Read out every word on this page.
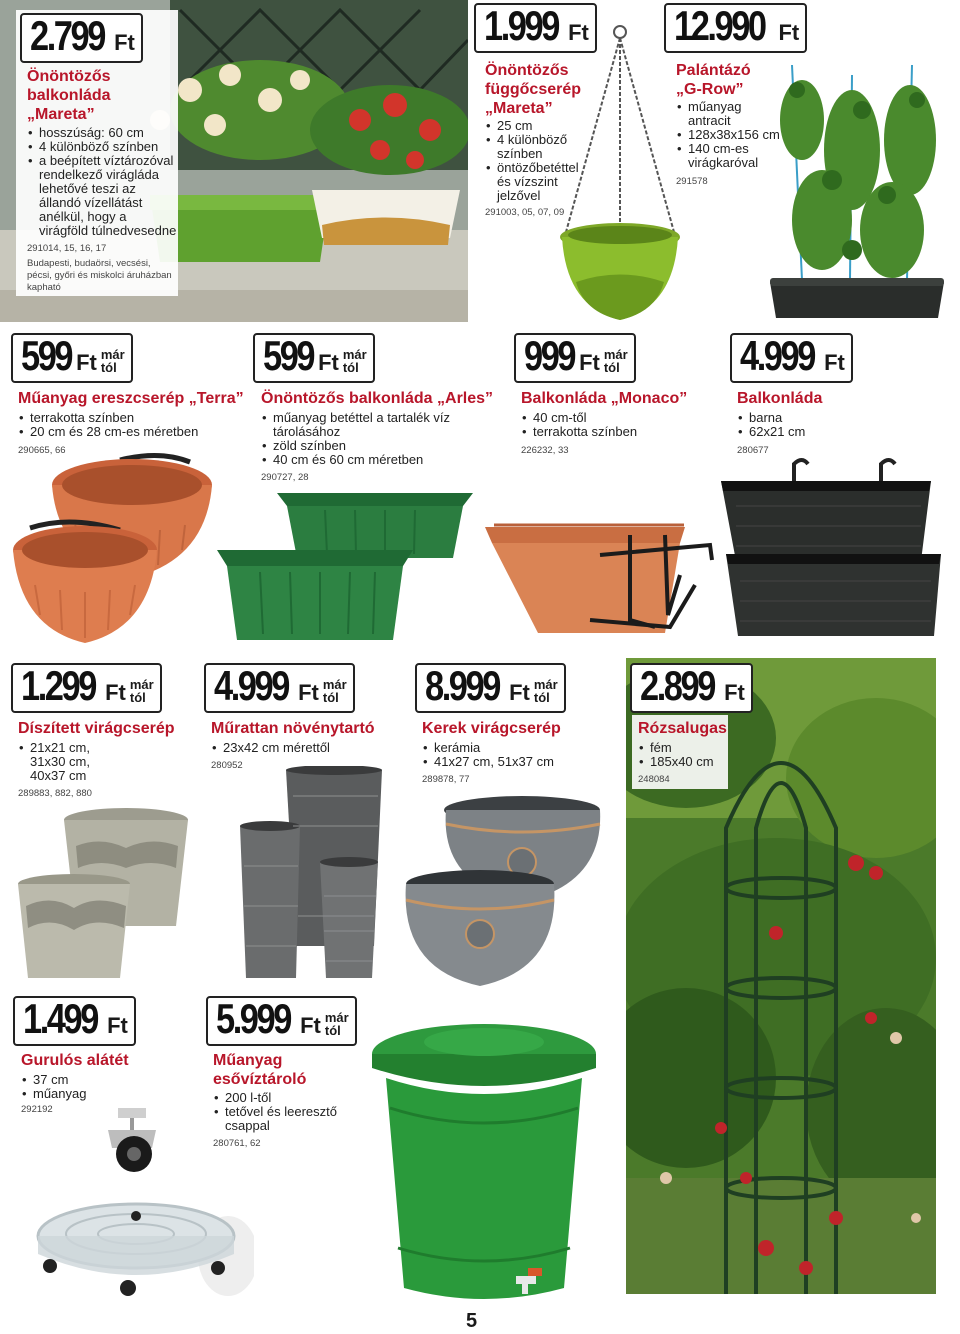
2.799 Ft
Önöntözős
balkonláda
„Mareta”
• hosszúság: 60 cm
• 4 különböző színben
• a beépített víztározóval rendelkező virágláda lehetővé teszi az állandó vízellátást anélkül, hogy a virágföld túlnedvesedne
291014, 15, 16, 17
Budapesti, budaörsi, vecsési, pécsi, győri és miskolci áruházban kapható
1.999 Ft
Önöntözős
függőcserép
„Mareta”
• 25 cm
• 4 különböző színben
• öntözőbetéttel és vízszint jelzővel
291003, 05, 07, 09
12.990 Ft
Palántázó
„G-Row”
• műanyag antracit
• 128x38x156 cm
• 140 cm-es virágkaróval
291578
599 Ft már
tól
Műanyag ereszcserép „Terra”
• terrakotta színben
• 20 cm és 28 cm-es méretben
290665, 66
599 Ft már
tól
Önöntözős balkonláda „Arles”
• műanyag betéttel a tartalék víz tárolásához
• zöld színben
• 40 cm és 60 cm méretben
290727, 28
999 Ft már
tól
Balkonláda „Monaco”
• 40 cm-től
• terrakotta színben
226232, 33
4.999 Ft
Balkonláda
• barna
• 62x21 cm
280677
1.299 Ft már
tól
Díszített virágcserép
• 21x21 cm, 31x30 cm, 40x37 cm
289883, 882, 880
4.999 Ft már
tól
Műrattan növénytartó
• 23x42 cm mérettől
280952
8.999 Ft már
tól
Kerek virágcserép
• kerámia
• 41x27 cm, 51x37 cm
289878, 77
2.899 Ft
Rózsalugas
• fém
• 185x40 cm
248084
1.499 Ft
Gurulós alátét
• 37 cm
• műanyag
292192
5.999 Ft már
tól
Műanyag
esővíztároló
• 200 l-től
• tetővel és leeresztő csappal
280761, 62
5
